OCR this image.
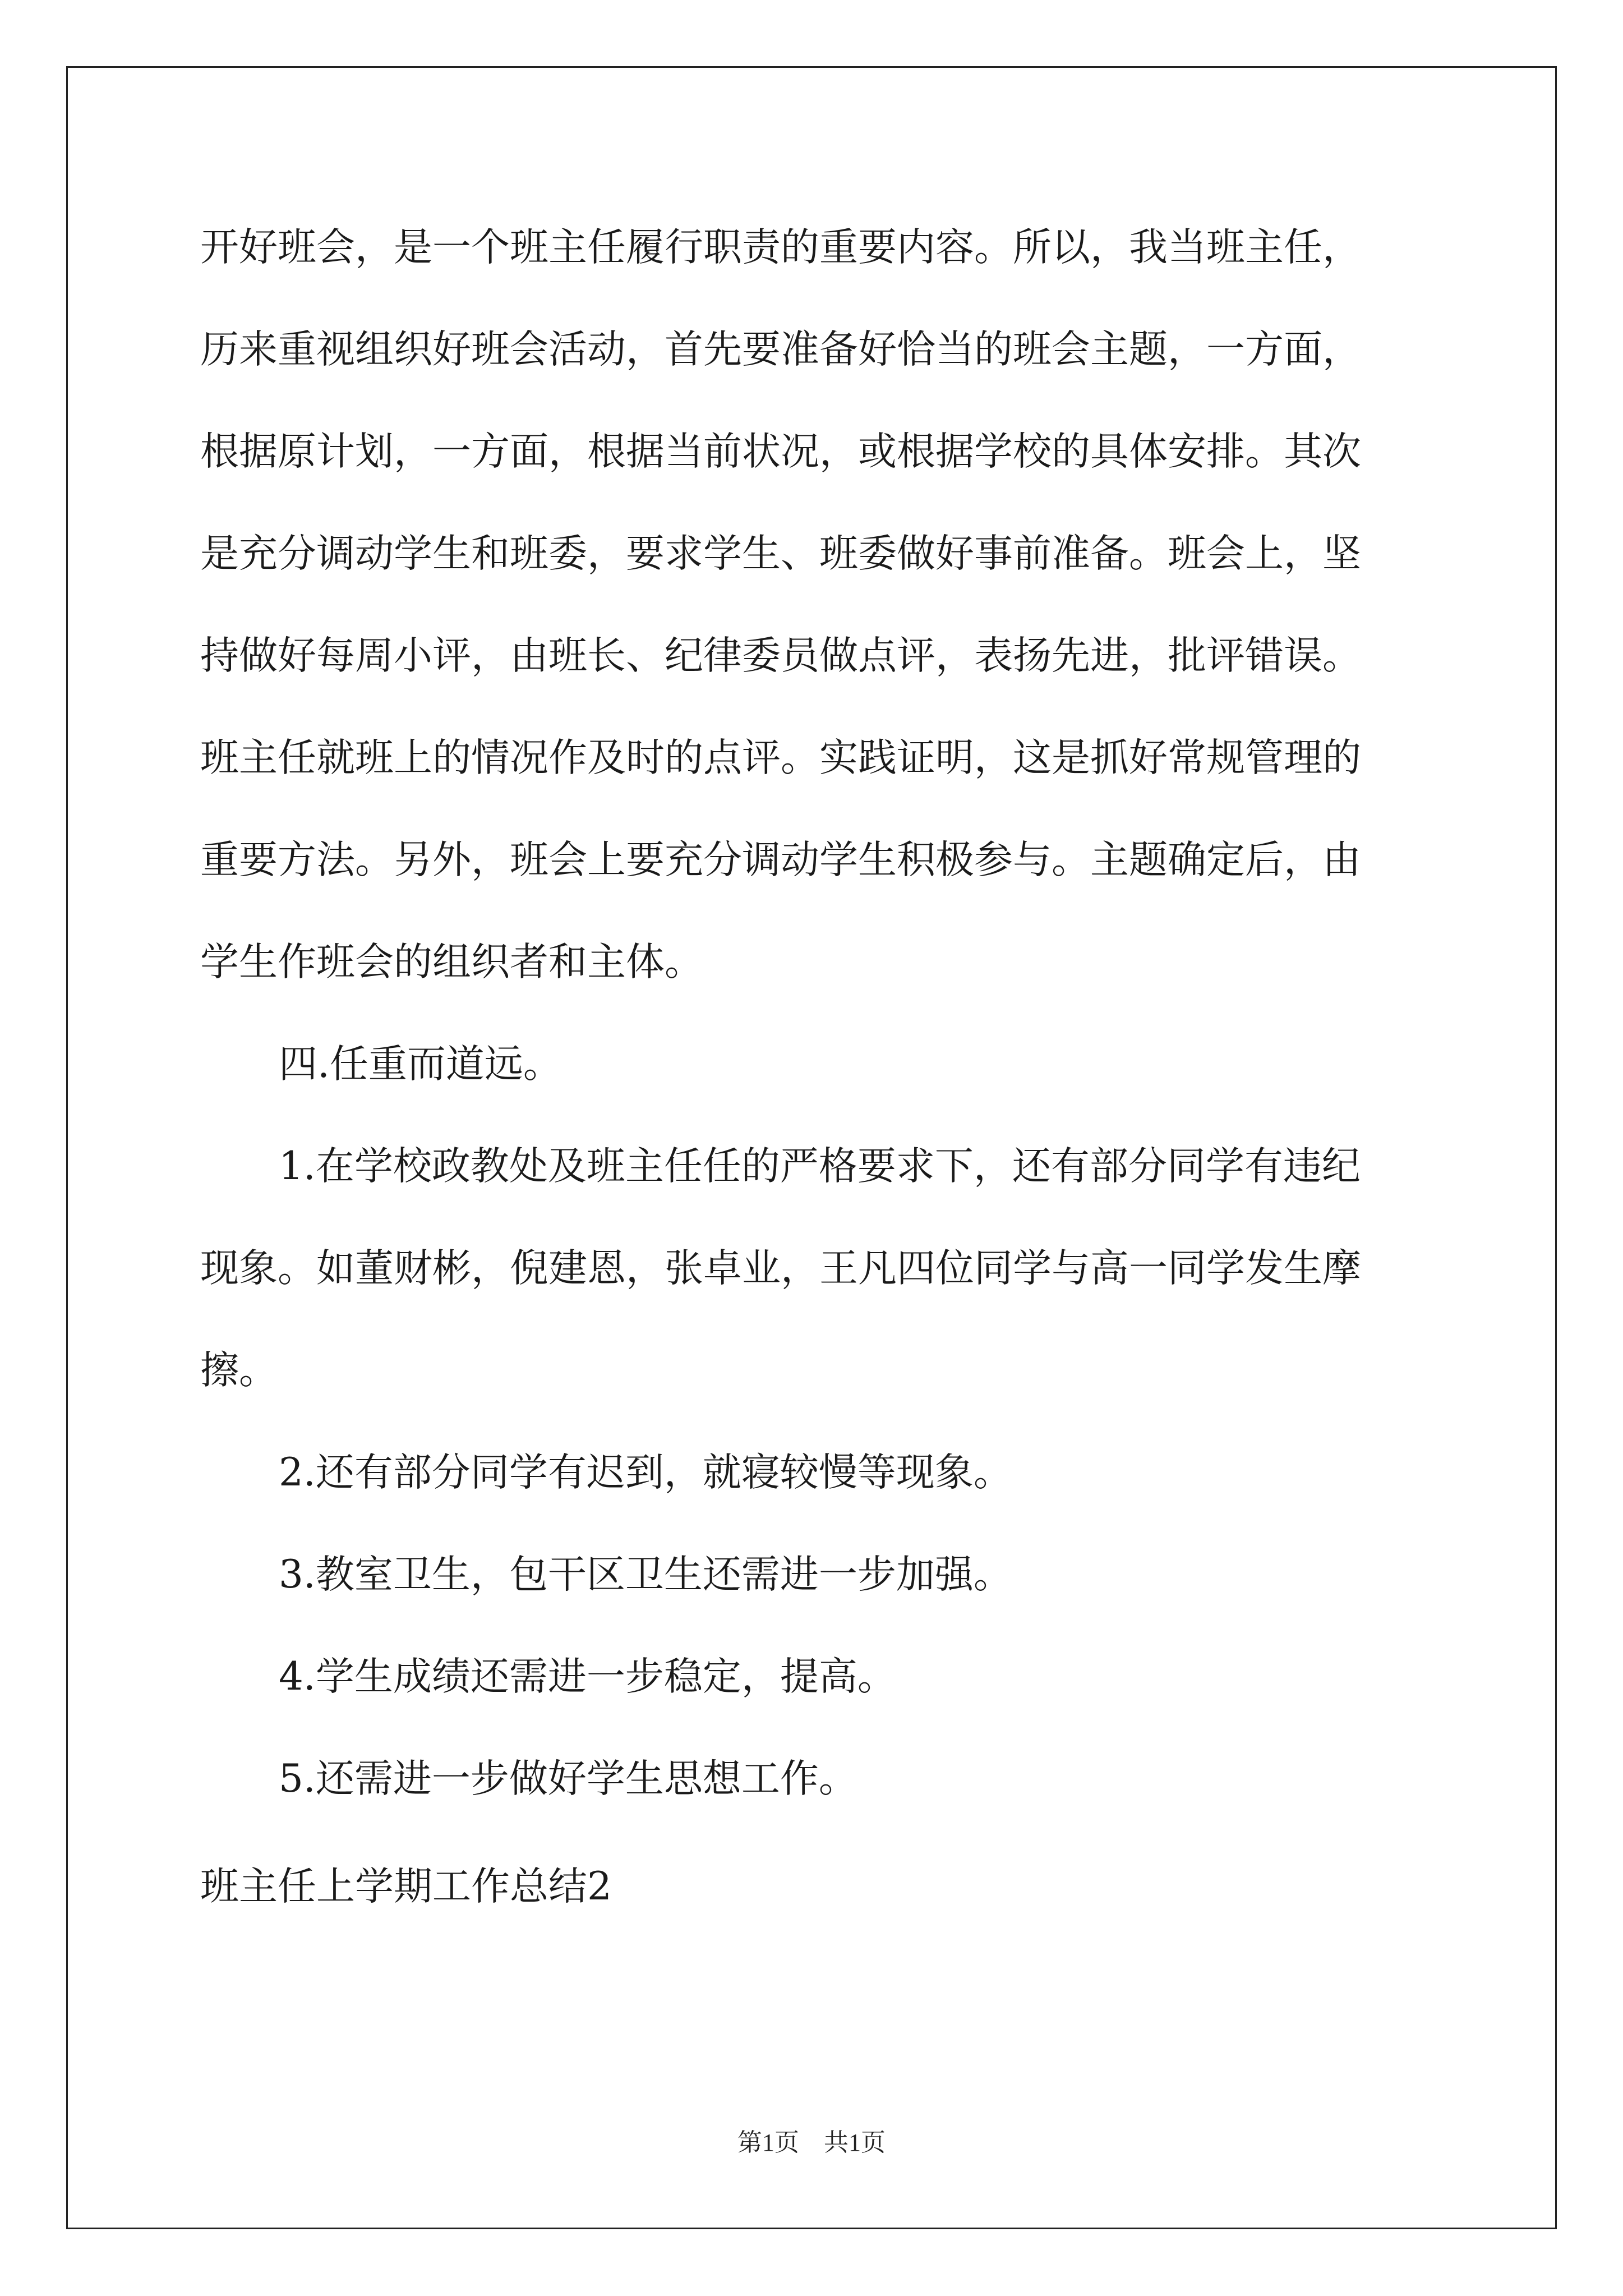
开好班会，是一个班主任履行职责的重要内容。所以，我当班主任，
历来重视组织好班会活动，首先要准备好恰当的班会主题，一方面，
根据原计划，一方面，根据当前状况，或根据学校的具体安排。其次
是充分调动学生和班委，要求学生、班委做好事前准备。班会上，坚
持做好每周小评，由班长、纪律委员做点评，表扬先进，批评错误。
班主任就班上的情况作及时的点评。实践证明，这是抓好常规管理的
重要方法。另外，班会上要充分调动学生积极参与。主题确定后，由
学生作班会的组织者和主体。
四.任重而道远。
1.在学校政教处及班主任任的严格要求下，还有部分同学有违纪
现象。如董财彬，倪建恩，张卓业，王凡四位同学与高一同学发生摩
擦。
2.还有部分同学有迟到，就寝较慢等现象。
3.教室卫生，包干区卫生还需进一步加强。
4.学生成绩还需进一步稳定，提高。
5.还需进一步做好学生思想工作。
班主任上学期工作总结2
第1页　共1页
